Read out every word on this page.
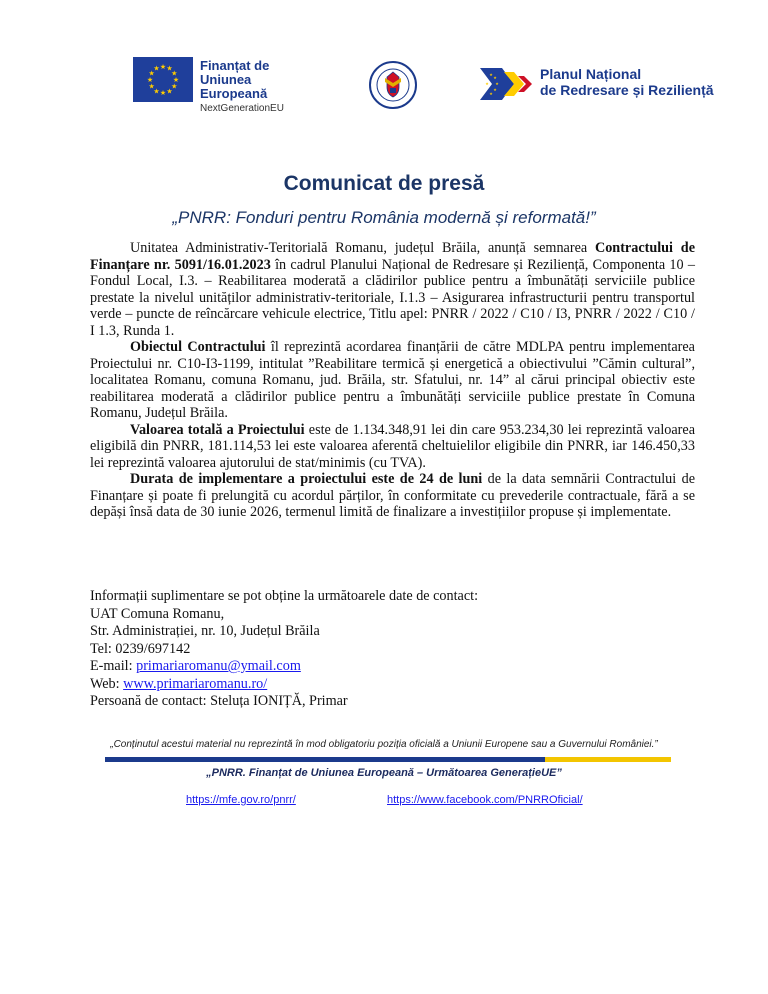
★ ★
★
★
★
★
★
★
★
★
★
★	Finanțat de
Uniunea Europeană
NextGenerationEU
★
★
★
★
★
★
Planul Național
de Redresare și Reziliență
Comunicat de presă
„PNRR: Fonduri pentru România modernă și reformată!”

Unitatea Administrativ-Teritorială Romanu, județul Brăila, anunță semnarea Contractului de Finanțare nr. 5091/16.01.2023 în cadrul Planului Național de Redresare și Reziliență, Componenta 10 – Fondul Local, I.3. – Reabilitarea moderată a clădirilor publice pentru a îmbunătăți serviciile publice prestate la nivelul unităților administrativ-teritoriale, I.1.3 – Asigurarea infrastructurii pentru transportul verde – puncte de reîncărcare vehicule electrice, Titlu apel: PNRR / 2022 / C10 / I3, PNRR / 2022 / C10 / I 1.3, Runda 1.

Obiectul Contractului îl reprezintă acordarea finanțării de către MDLPA pentru implementarea Proiectului nr. C10-I3-1199, intitulat ”Reabilitare termică și energetică a obiectivului ”Cămin cultural”, localitatea Romanu, comuna Romanu, jud. Brăila, str. Sfatului, nr. 14” al cărui principal obiectiv este reabilitarea moderată a clădirilor publice pentru a îmbunătăți serviciile publice prestate în Comuna Romanu, Județul Brăila.

Valoarea totală a Proiectului este de 1.134.348,91 lei din care 953.234,30 lei reprezintă valoarea eligibilă din PNRR, 181.114,53 lei este valoarea aferentă cheltuielilor eligibile din PNRR, iar 146.450,33 lei reprezintă valoarea ajutorului de stat/minimis (cu TVA).

Durata de implementare a proiectului este de 24 de luni de la data semnării Contractului de Finanțare și poate fi prelungită cu acordul părților, în conformitate cu prevederile contractuale, fără a se depăși însă data de 30 iunie 2026, termenul limită de finalizare a investițiilor propuse și implementate.

Informații suplimentare se pot obține la următoarele date de contact:
UAT Comuna Romanu,
Str. Administrației, nr. 10, Județul Brăila
Tel: 0239/697142
E-mail: primariaromanu@ymail.com
Web: www.primariaromanu.ro/
Persoană de contact: Steluța IONIȚĂ, Primar
„Conținutul acestui material nu reprezintă în mod obligatoriu poziția oficială a Uniunii Europene sau a Guvernului României.”
„PNRR. Finanțat de Uniunea Europeană – Următoarea GenerațieUE”
https://mfe.gov.ro/pnrr/	https://www.facebook.com/PNRROficial/
